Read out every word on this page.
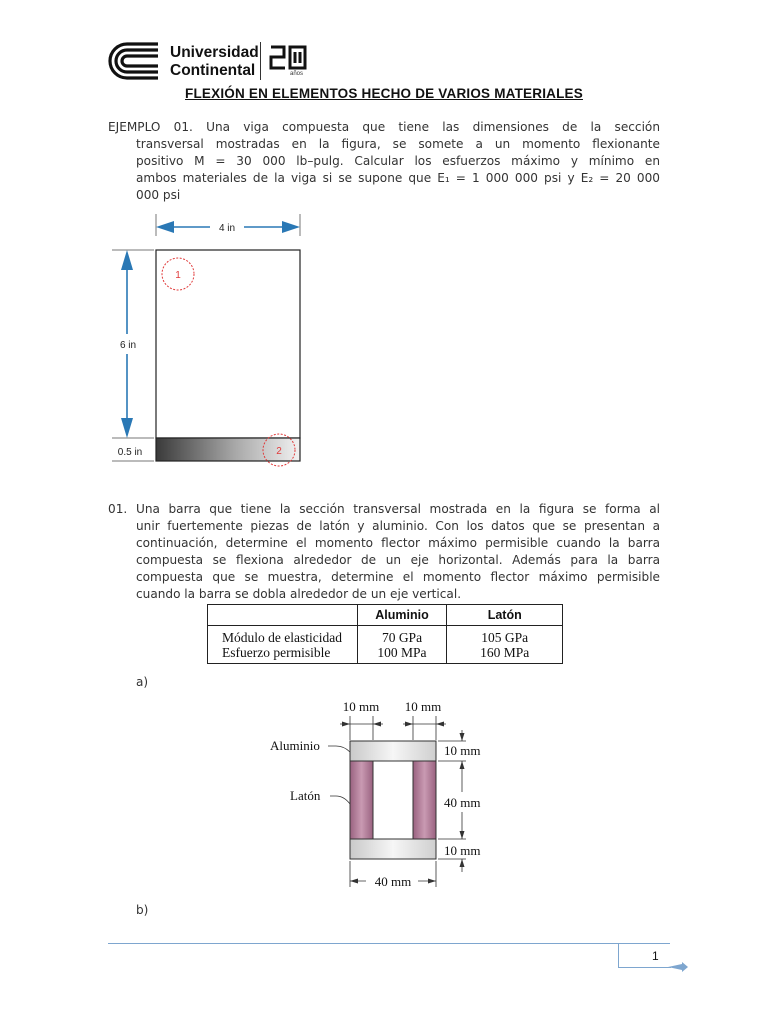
Universidad
Continental	años
FLEXIÓN EN ELEMENTOS HECHO DE VARIOS MATERIALES
EJEMPLO 01. Una viga compuesta que tiene las dimensiones de la sección
transversal mostradas en la figura, se somete a un momento flexionante
positivo M = 30 000 lb–pulg. Calcular los esfuerzos máximo y mínimo en
ambos materiales de la viga si se supone que E₁ = 1 000 000 psi y E₂ = 20 000
000 psi
4 in
6 in
0.5 in
1
2
01. Una barra que tiene la sección transversal mostrada en la figura se forma al
unir fuertemente piezas de latón y aluminio. Con los datos que se presentan a
continuación, determine el momento flector máximo permisible cuando la barra
compuesta se flexiona alrededor de un eje horizontal. Además para la barra
compuesta que se muestra, determine el momento flector máximo permisible
cuando la barra se dobla alrededor de un eje vertical.
	Aluminio	Latón
Módulo de elasticidad	70 GPa	105 GPa
Esfuerzo permisible	100 MPa	160 MPa
a)
10 mm 10 mm
Aluminio
Latón
10 mm
40 mm
10 mm
40 mm
b)
1
